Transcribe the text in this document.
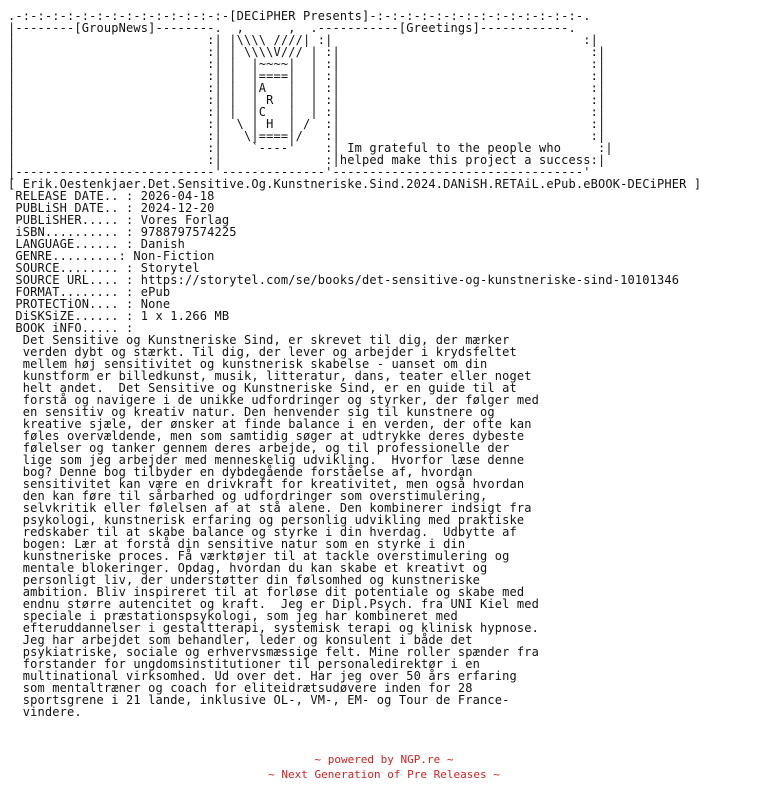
.-:-:-:-:-:-:-:-:-:-:-:-:-:-:-[DECiPHER Presents]-:-:-:-:-:-:-:-:-:-:-:-:-:-:-.
|--------[GroupNews]--------.  ,      ,  .-----------[Greetings]------------.
|                          :| |\\\\ ////| :|                                  :|
|                          :| | \\\\V/// | :|                                  :|
|                          :| |  |~~~~|  | :|                                  :|
|                          :| |  |====|  | :|                                  :|
|                          :| |  |A   |  | :|                                  :|
|                          :| |  | R  |  | :|                                  :|
|                          :| |  |C   |  | :|                                  :|
|                          :|  \ | H  | /  :|                                  :|
|                          :|   \|====|/   :|                                  :|
|                          :|    `----'    :| Im grateful to the people who     :|
|                          :|              :|helped make this project a success:|
|---------------------------'--------------'----------------------------------'
[ Erik.Oestenkjaer.Det.Sensitive.Og.Kunstneriske.Sind.2024.DANiSH.RETAiL.ePub.eBOOK-DECiPHER ]
RELEASE DATE.. : 2026-04-18
PUBLiSH DATE.. : 2024-12-20
PUBLiSHER..... : Vores Forlag
iSBN.......... : 9788797574225
LANGUAGE...... : Danish
GENRE.........: Non-Fiction
SOURCE........ : Storytel
SOURCE URL.... : https://storytel.com/se/books/det-sensitive-og-kunstneriske-sind-10101346
FORMAT........ : ePub
PROTECTiON.... : None
DiSKSiZE...... : 1 x 1.266 MB
BOOK iNFO..... :
Det Sensitive og Kunstneriske Sind, er skrevet til dig, der mærker
verden dybt og stærkt. Til dig, der lever og arbejder i krydsfeltet
mellem høj sensitivitet og kunstnerisk skabelse - uanset om din
kunstform er billedkunst, musik, litteratur, dans, teater eller noget
helt andet.  Det Sensitive og Kunstneriske Sind, er en guide til at
forstå og navigere i de unikke udfordringer og styrker, der følger med
en sensitiv og kreativ natur. Den henvender sig til kunstnere og
kreative sjæle, der ønsker at finde balance i en verden, der ofte kan
føles overvældende, men som samtidig søger at udtrykke deres dybeste
følelser og tanker gennem deres arbejde, og til professionelle der
lige som jeg arbejder med menneskelig udvikling.  Hvorfor læse denne
bog? Denne bog tilbyder en dybdegående forståelse af, hvordan
sensitivitet kan være en drivkraft for kreativitet, men også hvordan
den kan føre til sårbarhed og udfordringer som overstimulering,
selvkritik eller følelsen af at stå alene. Den kombinerer indsigt fra
psykologi, kunstnerisk erfaring og personlig udvikling med praktiske
redskaber til at skabe balance og styrke i din hverdag.  Udbytte af
bogen: Lær at forstå din sensitive natur som en styrke i din
kunstneriske proces. Få værktøjer til at tackle overstimulering og
mentale blokeringer. Opdag, hvordan du kan skabe et kreativt og
personligt liv, der understøtter din følsomhed og kunstneriske
ambition. Bliv inspireret til at forløse dit potentiale og skabe med
endnu større autencitet og kraft.  Jeg er Dipl.Psych. fra UNI Kiel med
speciale i præstationspsykologi, som jeg har kombineret med
efteruddannelser i gestaltterapi, systemisk terapi og klinisk hypnose.
Jeg har arbejdet som behandler, leder og konsulent i både det
psykiatriske, sociale og erhvervsmæssige felt. Mine roller spænder fra
forstander for ungdomsinstitutioner til personaledirektør i en
multinational virksomhed. Ud over det. Har jeg over 50 års erfaring
som mentaltræner og coach for eliteidrætsudøvere inden for 28
sportsgrene i 21 lande, inklusive OL-, VM-, EM- og Tour de France-
vindere.
~ powered by NGP.re ~
~ Next Generation of Pre Releases ~
